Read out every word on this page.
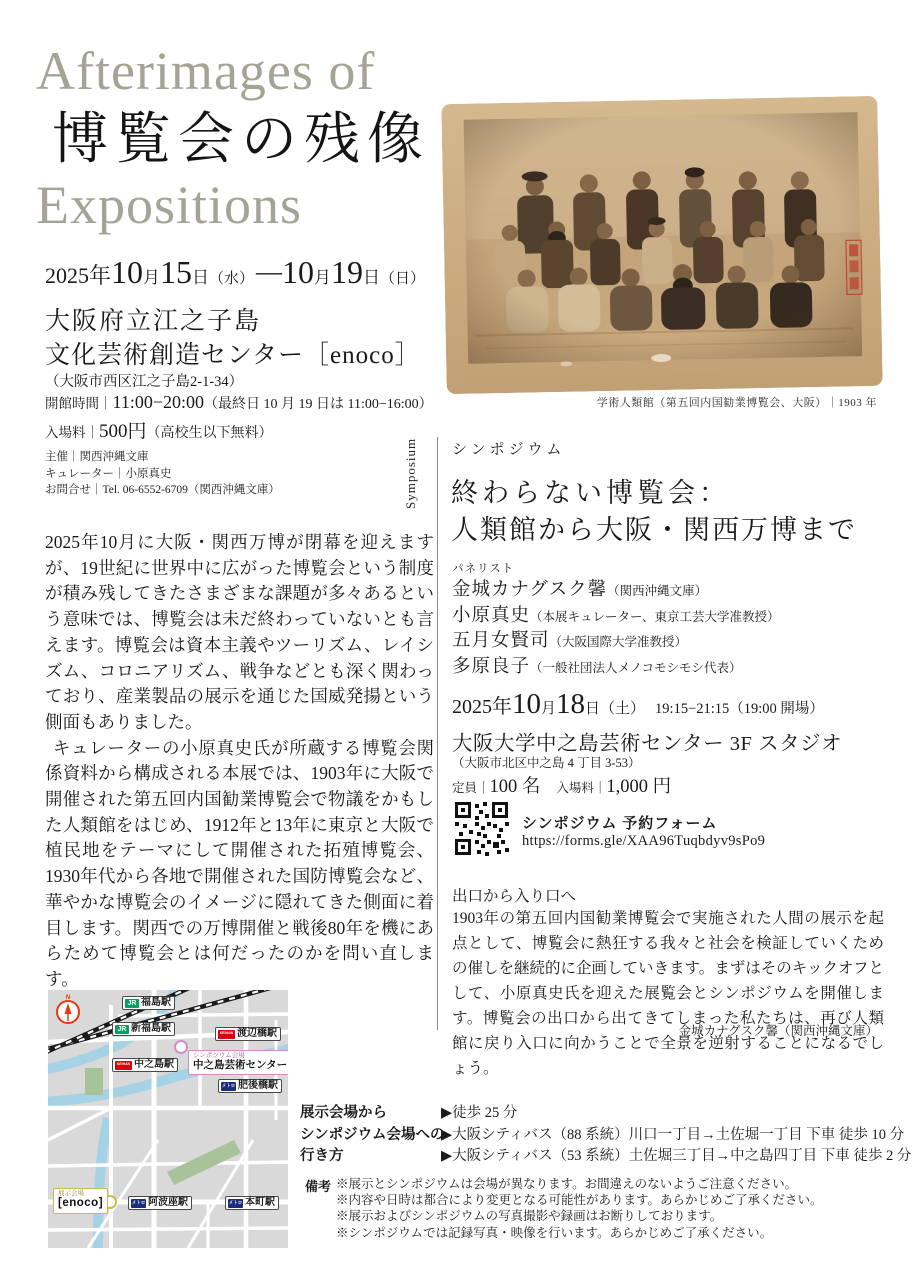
Afterimages of
博覧会の残像
Expositions
学術人類館（第五回内国勧業博覧会、大阪）｜1903 年
2025年10月15日（水）—10月19日（日）
大阪府立江之子島
文化芸術創造センター［enoco］
（大阪市西区江之子島2-1-34）
開館時間｜11:00−20:00（最終日 10 月 19 日は 11:00−16:00）
入場料｜500円（高校生以下無料）
主催｜関西沖縄文庫
キュレーター｜小原真史
お問合せ｜Tel. 06-6552-6709（関西沖縄文庫）

2025年10月に大阪・関西万博が閉幕を迎えますが、19世紀に世界中に広がった博覧会という制度が積み残してきたさまざまな課題が多々あるという意味では、博覧会は未だ終わっていないとも言えます。博覧会は資本主義やツーリズム、レイシズム、コロニアリズム、戦争などとも深く関わっており、産業製品の展示を通じた国威発揚という側面もありました。

キュレーターの小原真史氏が所蔵する博覧会関係資料から構成される本展では、1903年に大阪で開催された第五回内国勧業博覧会で物議をかもした人類館をはじめ、1912年と13年に東京と大阪で植民地をテーマにして開催された拓殖博覧会、1930年代から各地で開催された国防博覧会など、華やかな博覧会のイメージに隠れてきた側面に着目します。関西での万博開催と戦後80年を機にあらためて博覧会とは何だったのかを問い直します。

N
JR 福島駅
JR 新福島駅	KEIHAN 渡辺橋駅
KEIHAN 中之島駅
メトロ 肥後橋駅
メトロ 阿波座駅	メトロ 本町駅
シンポジウム会場
中之島芸術センター
展示会場
[enoco]
Symposium	シンポジウム
終わらない博覧会：
人類館から大阪・関西万博まで
パネリスト
金城カナグスク馨（関西沖縄文庫）
小原真史（本展キュレーター、東京工芸大学准教授）
五月女賢司（大阪国際大学准教授）
多原良子（一般社団法人メノコモシモシ代表）
2025年10月18日（土） 19:15−21:15（19:00 開場）
大阪大学中之島芸術センター 3F スタジオ
（大阪市北区中之島 4 丁目 3-53）
定員｜100 名 入場料｜1,000 円
シンポジウム 予約フォーム
https://forms.gle/XAA96Tuqbdyv9sPo9
出口から入り口へ
1903年の第五回内国勧業博覧会で実施された人間の展示を起点として、博覧会に熱狂する我々と社会を検証していくための催しを継続的に企画していきます。まずはそのキックオフとして、小原真史氏を迎えた展覧会とシンポジウムを開催します。博覧会の出口から出てきてしまった私たちは、再び人類館に戻り入口に向かうことで全景を逆射することになるでしょう。
金城カナグスク馨（関西沖縄文庫）
展示会場から
シンポジウム会場への
行き方
▶徒歩 25 分
▶大阪シティバス（88 系統）川口一丁目→土佐堀一丁目 下車 徒歩 10 分
▶大阪シティバス（53 系統）土佐堀三丁目→中之島四丁目 下車 徒歩 2 分
備考 ※展示とシンポジウムは会場が異なります。お間違えのないようご注意ください。
※内容や日時は都合により変更となる可能性があります。あらかじめご了承ください。
※展示およびシンポジウムの写真撮影や録画はお断りしております。
※シンポジウムでは記録写真・映像を行います。あらかじめご了承ください。
